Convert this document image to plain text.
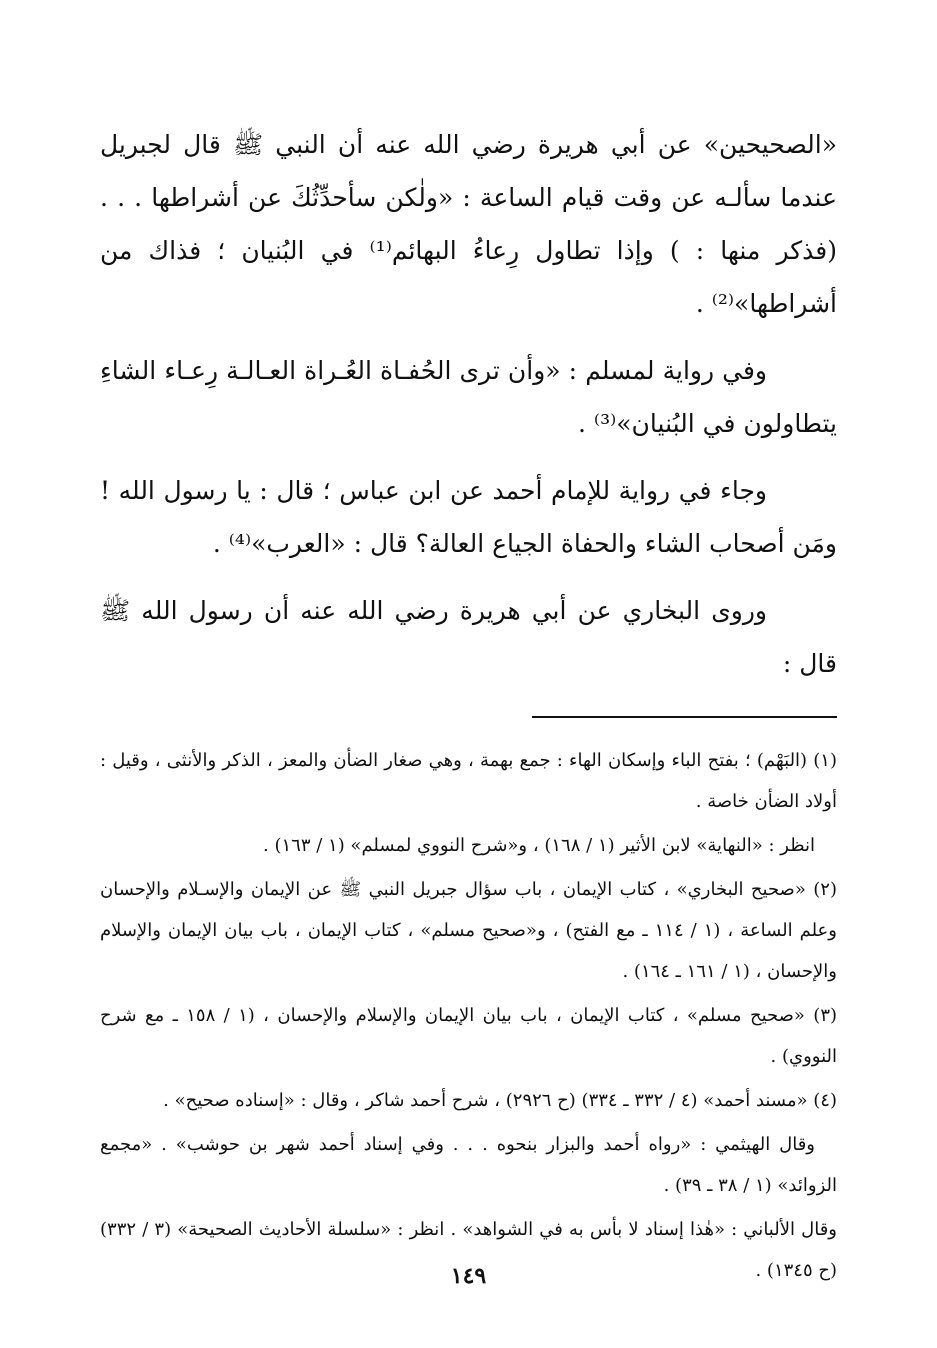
«الصحيحين» عن أبي هريرة رضي الله عنه أن النبي ﷺ قال لجبريل عندما سألـه عن وقت قيام الساعة : «ولٰكن سأحدِّثُكَ عن أشراطها . . . (فذكر منها : ) وإذا تطاول رِعاءُ البهائم⁽¹⁾ في البُنيان ؛ فذاك من أشراطها»⁽²⁾ .

وفي رواية لمسلم : «وأن ترى الحُفـاة العُـراة العـالـة رِعـاء الشاءِ يتطاولون في البُنيان»⁽³⁾ .

وجاء في رواية للإمام أحمد عن ابن عباس ؛ قال : يا رسول الله ! ومَن أصحاب الشاء والحفاة الجياع العالة؟ قال : «العرب»⁽⁴⁾ .

وروى البخاري عن أبي هريرة رضي الله عنه أن رسول الله ﷺ قال :

(١) (البَهْم) ؛ بفتح الباء وإسكان الهاء : جمع بهمة ، وهي صغار الضأن والمعز ، الذكر والأنثى ، وقيل : أولاد الضأن خاصة .

انظر : «النهاية» لابن الأثير (١ / ١٦٨) ، و«شرح النووي لمسلم» (١ / ١٦٣) .

(٢) «صحيح البخاري» ، كتاب الإيمان ، باب سؤال جبريل النبي ﷺ عن الإيمان والإسـلام والإحسان وعلم الساعة ، (١ / ١١٤ ـ مع الفتح) ، و«صحيح مسلم» ، كتاب الإيمان ، باب بيان الإيمان والإسلام والإحسان ، (١ / ١٦١ ـ ١٦٤) .

(٣) «صحيح مسلم» ، كتاب الإيمان ، باب بيان الإيمان والإسلام والإحسان ، (١ / ١٥٨ ـ مع شرح النووي) .

(٤) «مسند أحمد» (٤ / ٣٣٢ ـ ٣٣٤) (ح ٢٩٢٦) ، شرح أحمد شاكر ، وقال : «إسناده صحيح» .

وقال الهيثمي : «رواه أحمد والبزار بنحوه . . . وفي إسناد أحمد شهر بن حوشب» . «مجمع الزوائد» (١ / ٣٨ ـ ٣٩) .

وقال الألباني : «هٰذا إسناد لا بأس به في الشواهد» . انظر : «سلسلة الأحاديث الصحيحة» (٣ / ٣٣٢) (ح ١٣٤٥) .

١٤٩
